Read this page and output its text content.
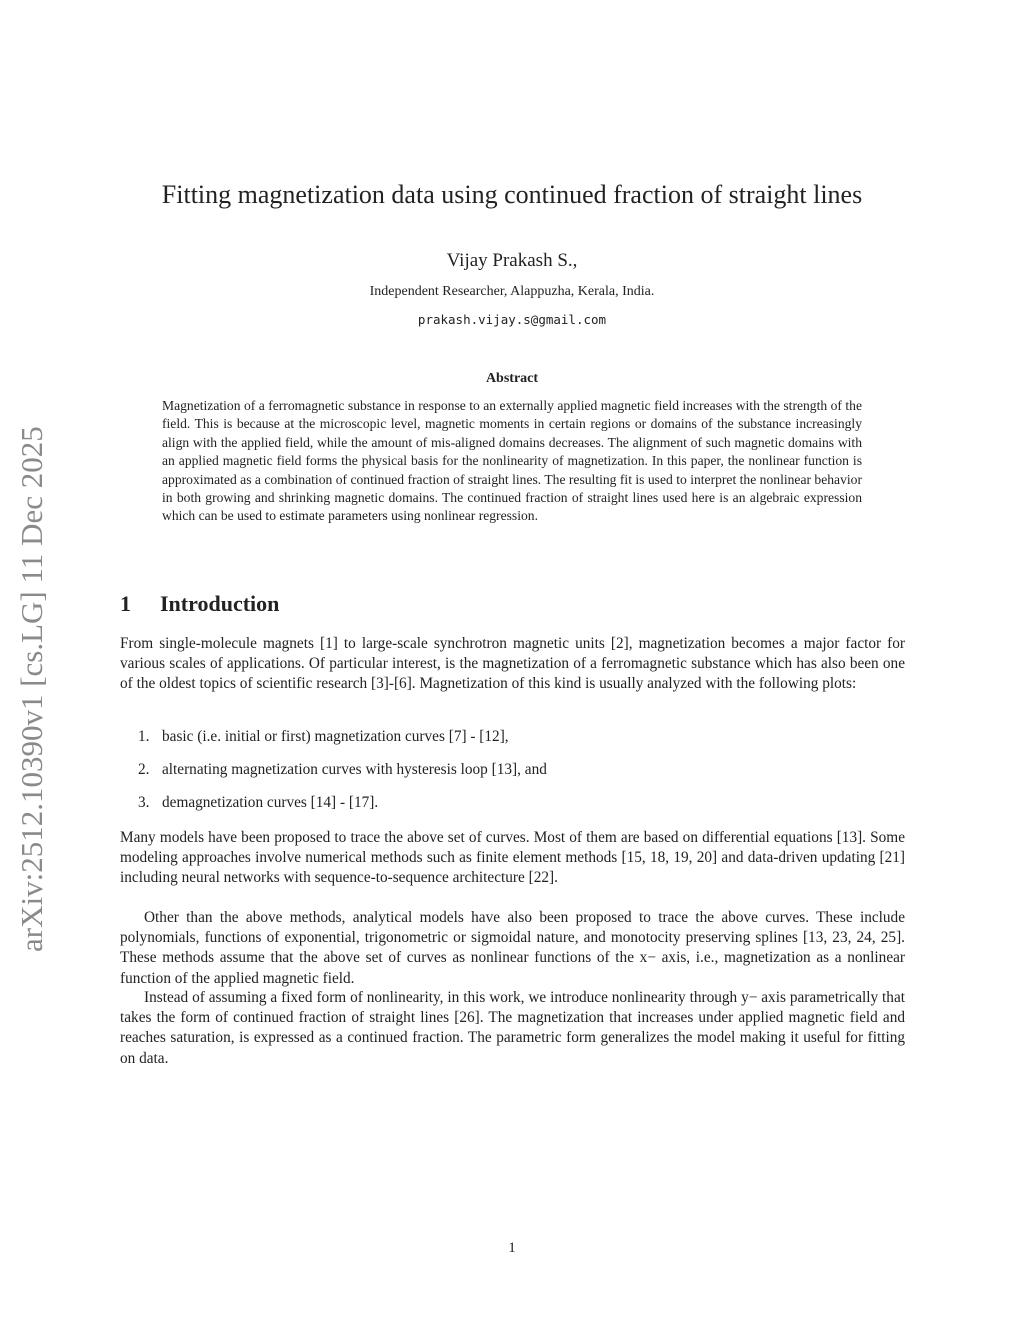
arXiv:2512.10390v1 [cs.LG] 11 Dec 2025
Fitting magnetization data using continued fraction of straight lines
Vijay Prakash S.,
Independent Researcher, Alappuzha, Kerala, India.
prakash.vijay.s@gmail.com
Abstract
Magnetization of a ferromagnetic substance in response to an externally applied magnetic field increases with the strength of the field. This is because at the microscopic level, magnetic moments in certain regions or domains of the substance increasingly align with the applied field, while the amount of mis-aligned domains decreases. The alignment of such magnetic domains with an applied magnetic field forms the physical basis for the nonlinearity of magnetization. In this paper, the nonlinear function is approximated as a combination of continued fraction of straight lines. The resulting fit is used to interpret the nonlinear behavior in both growing and shrinking magnetic domains. The continued fraction of straight lines used here is an algebraic expression which can be used to estimate parameters using nonlinear regression.
1 Introduction

From single-molecule magnets [1] to large-scale synchrotron magnetic units [2], magnetization becomes a major factor for various scales of applications. Of particular interest, is the magnetization of a ferromagnetic substance which has also been one of the oldest topics of scientific research [3]-[6]. Magnetization of this kind is usually analyzed with the following plots:

1. basic (i.e. initial or first) magnetization curves [7] - [12],
2. alternating magnetization curves with hysteresis loop [13], and
3. demagnetization curves [14] - [17].

Many models have been proposed to trace the above set of curves. Most of them are based on differential equations [13]. Some modeling approaches involve numerical methods such as finite element methods [15, 18, 19, 20] and data-driven updating [21] including neural networks with sequence-to-sequence architecture [22].

Other than the above methods, analytical models have also been proposed to trace the above curves. These include polynomials, functions of exponential, trigonometric or sigmoidal nature, and monotocity preserving splines [13, 23, 24, 25]. These methods assume that the above set of curves as nonlinear functions of the x− axis, i.e., magnetization as a nonlinear function of the applied magnetic field.

Instead of assuming a fixed form of nonlinearity, in this work, we introduce nonlinearity through y− axis parametrically that takes the form of continued fraction of straight lines [26]. The magnetization that increases under applied magnetic field and reaches saturation, is expressed as a continued fraction. The parametric form generalizes the model making it useful for fitting on data.

1
